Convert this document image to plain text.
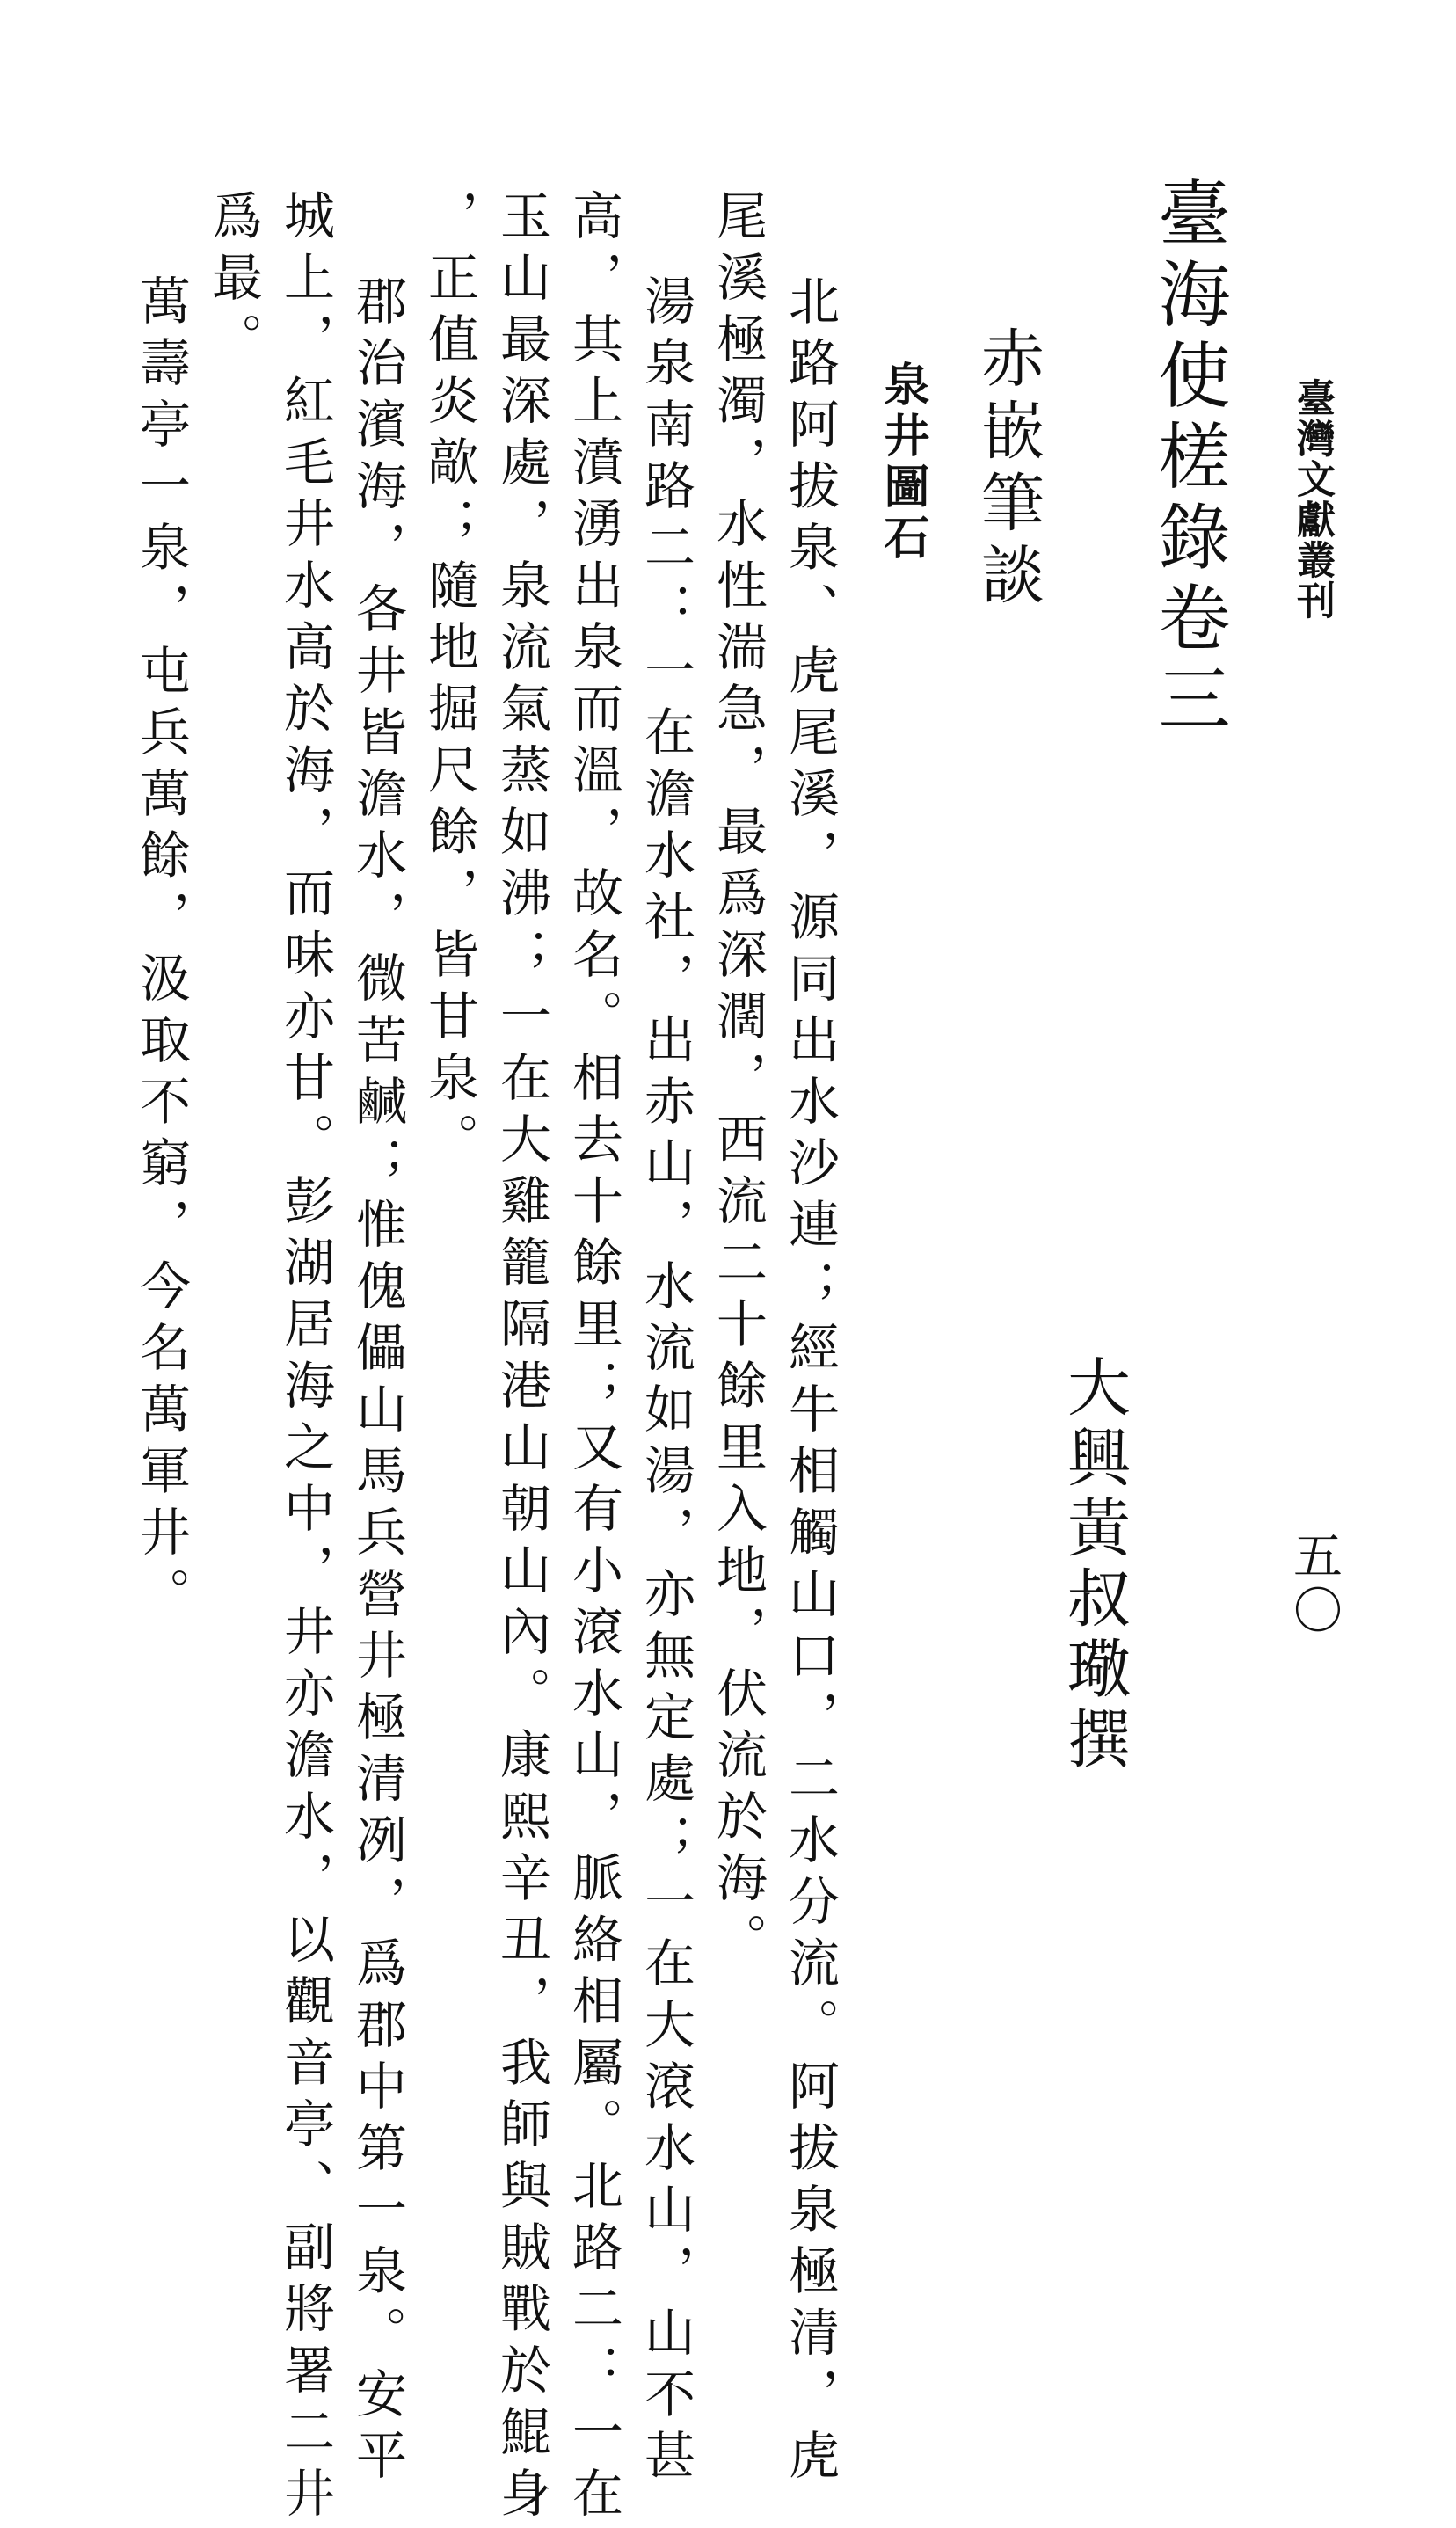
臺灣文獻叢刊
五〇
臺海使槎錄卷三
大興黃叔璥撰
赤嵌筆談
泉井圖石
北路阿拔泉、虎尾溪，源同出水沙連；經牛相觸山口，二水分流。阿拔泉極清，虎
尾溪極濁，水性湍急，最爲深濶，西流二十餘里入地，伏流於海。
湯泉南路二：一在澹水社，出赤山，水流如湯，亦無定處；一在大滾水山，山不甚
高，其上濆湧出泉而溫，故名。相去十餘里；又有小滾水山，脈絡相屬。北路二：一在
玉山最深處，泉流氣蒸如沸；一在大雞籠隔港山朝山內。康熙辛丑，我師與賊戰於鯤身
，正值炎歊；隨地掘尺餘，皆甘泉。
郡治濱海，各井皆澹水，微苦鹹；惟傀儡山馬兵營井極清冽，爲郡中第一泉。安平
城上，紅毛井水高於海，而味亦甘。彭湖居海之中，井亦澹水，以觀音亭、副將署二井
爲最。
萬壽亭一泉，屯兵萬餘，汲取不窮，今名萬軍井。
